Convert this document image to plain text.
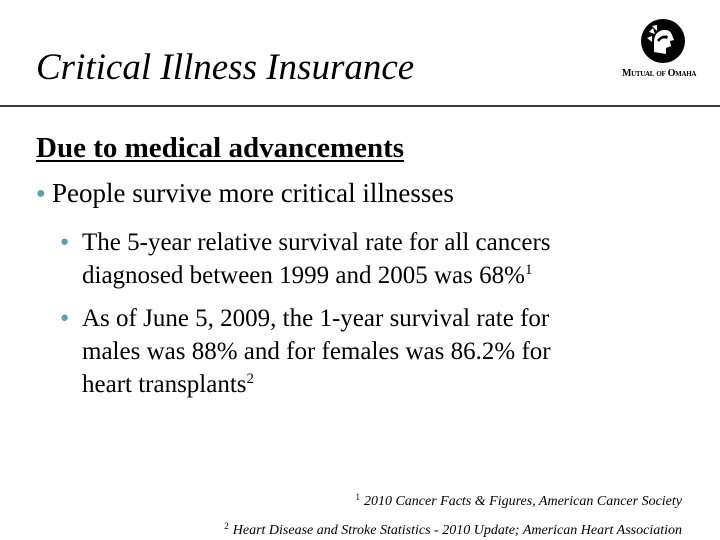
Critical Illness Insurance	Mutual of Omaha
Due to medical advancements
● People survive more critical illnesses
● The 5-year relative survival rate for all cancers
diagnosed between 1999 and 2005 was 68%$^1$
● As of June 5, 2009, the 1-year survival rate for
males was 88% and for females was 86.2% for
heart transplants$^2$
$^1$ 2010 Cancer Facts & Figures, American Cancer Society
$^2$ Heart Disease and Stroke Statistics - 2010 Update; American Heart Association
